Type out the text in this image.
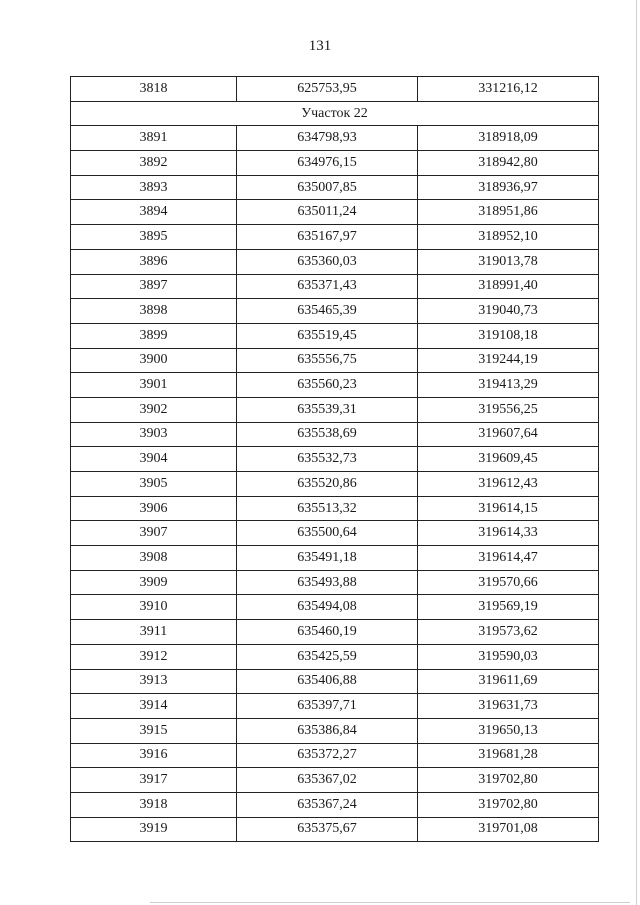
131
3818	625753,95	331216,12
Участок 22		
3891	634798,93	318918,09
3892	634976,15	318942,80
3893	635007,85	318936,97
3894	635011,24	318951,86
3895	635167,97	318952,10
3896	635360,03	319013,78
3897	635371,43	318991,40
3898	635465,39	319040,73
3899	635519,45	319108,18
3900	635556,75	319244,19
3901	635560,23	319413,29
3902	635539,31	319556,25
3903	635538,69	319607,64
3904	635532,73	319609,45
3905	635520,86	319612,43
3906	635513,32	319614,15
3907	635500,64	319614,33
3908	635491,18	319614,47
3909	635493,88	319570,66
3910	635494,08	319569,19
3911	635460,19	319573,62
3912	635425,59	319590,03
3913	635406,88	319611,69
3914	635397,71	319631,73
3915	635386,84	319650,13
3916	635372,27	319681,28
3917	635367,02	319702,80
3918	635367,24	319702,80
3919	635375,67	319701,08
